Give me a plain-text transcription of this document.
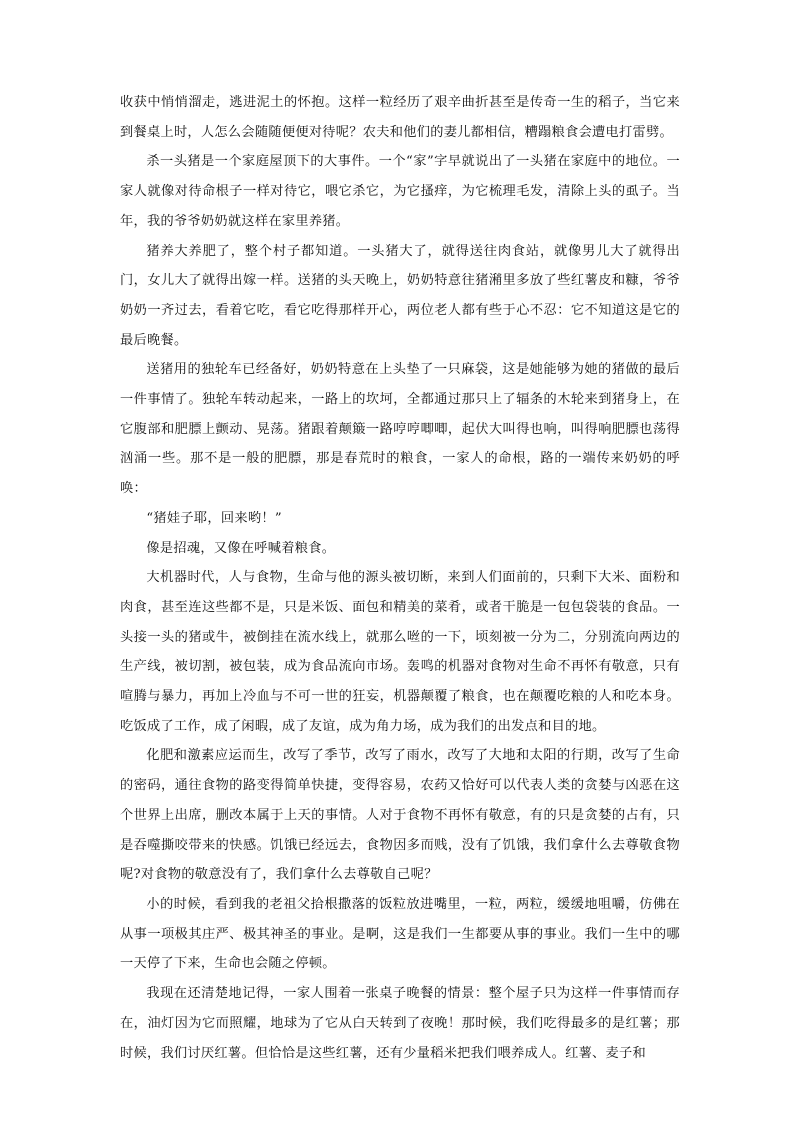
收获中悄悄溜走，逃进泥土的怀抱。这样一粒经历了艰辛曲折甚至是传奇一生的稻子，当它来到餐桌上时，人怎么会随随便便对待呢？农夫和他们的妻儿都相信，糟蹋粮食会遭电打雷劈。

杀一头猪是一个家庭屋顶下的大事件。一个“家”字早就说出了一头猪在家庭中的地位。一家人就像对待命根子一样对待它，喂它杀它，为它搔痒，为它梳理毛发，清除上头的虱子。当年，我的爷爷奶奶就这样在家里养猪。

猪养大养肥了，整个村子都知道。一头猪大了，就得送往肉食站，就像男儿大了就得出门，女儿大了就得出嫁一样。送猪的头天晚上，奶奶特意往猪潲里多放了些红薯皮和糠，爷爷奶奶一齐过去，看着它吃，看它吃得那样开心，两位老人都有些于心不忍：它不知道这是它的最后晚餐。

送猪用的独轮车已经备好，奶奶特意在上头垫了一只麻袋，这是她能够为她的猪做的最后一件事情了。独轮车转动起来，一路上的坎坷，全都通过那只上了辐条的木轮来到猪身上，在它腹部和肥膘上颤动、晃荡。猪跟着颠簸一路哼哼唧唧，起伏大叫得也响，叫得响肥膘也荡得汹涌一些。那不是一般的肥膘，那是春荒时的粮食，一家人的命根，路的一端传来奶奶的呼唤：

“猪娃子耶，回来哟！”

像是招魂，又像在呼喊着粮食。

大机器时代，人与食物，生命与他的源头被切断，来到人们面前的，只剩下大米、面粉和肉食，甚至连这些都不是，只是米饭、面包和精美的菜肴，或者干脆是一包包袋装的食品。一头接一头的猪或牛，被倒挂在流水线上，就那么咝的一下，顷刻被一分为二，分别流向两边的生产线，被切割，被包装，成为食品流向市场。轰鸣的机器对食物对生命不再怀有敬意，只有喧腾与暴力，再加上冷血与不可一世的狂妄，机器颠覆了粮食，也在颠覆吃粮的人和吃本身。吃饭成了工作，成了闲暇，成了友谊，成为角力场，成为我们的出发点和目的地。

化肥和激素应运而生，改写了季节，改写了雨水，改写了大地和太阳的行期，改写了生命的密码，通往食物的路变得简单快捷，变得容易，农药又恰好可以代表人类的贪婪与凶恶在这个世界上出席，删改本属于上天的事情。人对于食物不再怀有敬意，有的只是贪婪的占有，只是吞噬撕咬带来的快感。饥饿已经远去，食物因多而贱，没有了饥饿，我们拿什么去尊敬食物呢?对食物的敬意没有了，我们拿什么去尊敬自己呢？

小的时候，看到我的老祖父拾根撒落的饭粒放进嘴里，一粒，两粒，缓缓地咀嚼，仿佛在从事一项极其庄严、极其神圣的事业。是啊，这是我们一生都要从事的事业。我们一生中的哪一天停了下来，生命也会随之停顿。

我现在还清楚地记得，一家人围着一张桌子晚餐的情景：整个屋子只为这样一件事情而存在，油灯因为它而照耀，地球为了它从白天转到了夜晚！那时候，我们吃得最多的是红薯；那时候，我们讨厌红薯。但恰恰是这些红薯，还有少量稻米把我们喂养成人。红薯、麦子和
